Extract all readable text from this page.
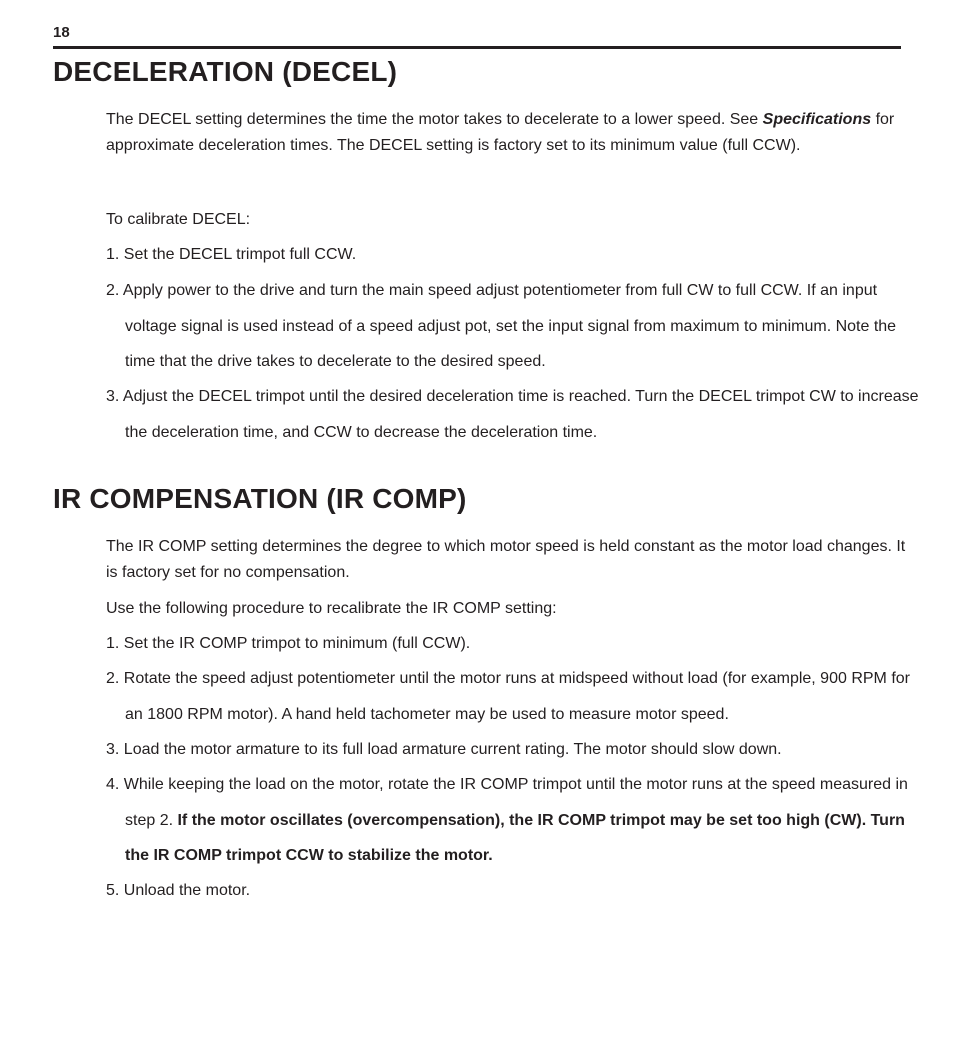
18
DECELERATION (DECEL)

The DECEL setting determines the time the motor takes to decelerate to a lower speed. See Specifications for approximate deceleration times. The DECEL setting is factory set to its minimum value (full CCW).

To calibrate DECEL:

1. Set the DECEL trimpot full CCW.

2. Apply power to the drive and turn the main speed adjust potentiometer from full CW to full CCW. If an input voltage signal is used instead of a speed adjust pot, set the input signal from maximum to minimum. Note the time that the drive takes to decelerate to the desired speed.

3. Adjust the DECEL trimpot until the desired deceleration time is reached. Turn the DECEL trimpot CW to increase the deceleration time, and CCW to decrease the deceleration time.

IR COMPENSATION (IR COMP)

The IR COMP setting determines the degree to which motor speed is held constant as the motor load changes. It is factory set for no compensation.

Use the following procedure to recalibrate the IR COMP setting:

1. Set the IR COMP trimpot to minimum (full CCW).

2. Rotate the speed adjust potentiometer until the motor runs at midspeed without load (for example, 900 RPM for an 1800 RPM motor). A hand held tachometer may be used to measure motor speed.

3. Load the motor armature to its full load armature current rating. The motor should slow down.

4. While keeping the load on the motor, rotate the IR COMP trimpot until the motor runs at the speed measured in step 2. If the motor oscillates (overcompensation), the IR COMP trimpot may be set too high (CW). Turn the IR COMP trimpot CCW to stabilize the motor.

5. Unload the motor.
